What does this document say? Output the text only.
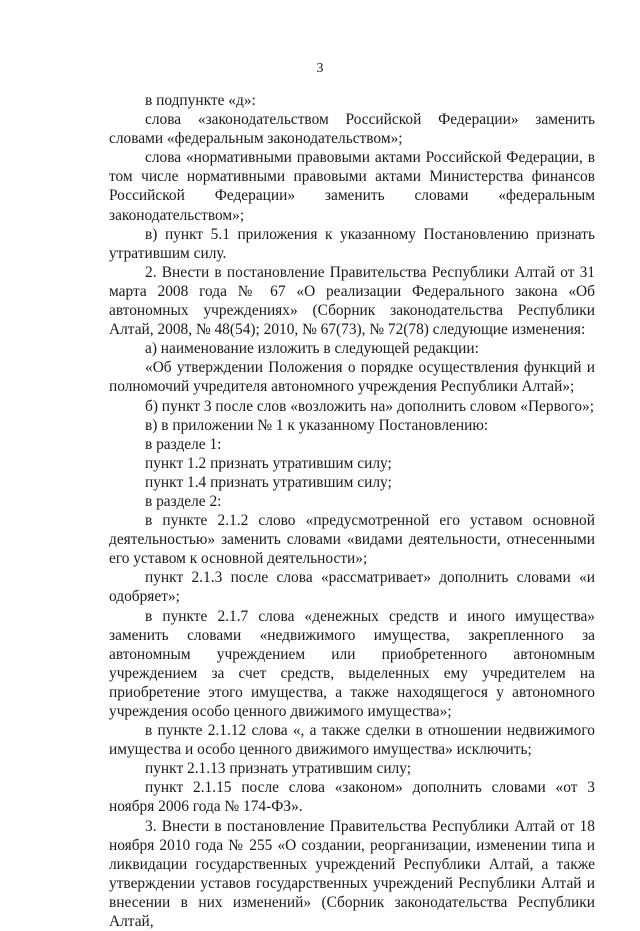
3

в подпункте «д»:

слова «законодательством Российской Федерации» заменить словами «федеральным законодательством»;

слова «нормативными правовыми актами Российской Федерации, в том числе нормативными правовыми актами Министерства финансов Российской Федерации» заменить словами «федеральным законодательством»;

в) пункт 5.1 приложения к указанному Постановлению признать утратившим силу.

2. Внести в постановление Правительства Республики Алтай от 31 марта 2008 года № 67 «О реализации Федерального закона «Об автономных учреждениях» (Сборник законодательства Республики Алтай, 2008, № 48(54); 2010, № 67(73), № 72(78) следующие изменения:

а) наименование изложить в следующей редакции:

«Об утверждении Положения о порядке осуществления функций и полномочий учредителя автономного учреждения Республики Алтай»;

б) пункт 3 после слов «возложить на» дополнить словом «Первого»;

в) в приложении № 1 к указанному Постановлению:

в разделе 1:

пункт 1.2 признать утратившим силу;

пункт 1.4 признать утратившим силу;

в разделе 2:

в пункте 2.1.2 слово «предусмотренной его уставом основной деятельностью» заменить словами «видами деятельности, отнесенными его уставом к основной деятельности»;

пункт 2.1.3 после слова «рассматривает» дополнить словами «и одобряет»;

в пункте 2.1.7 слова «денежных средств и иного имущества» заменить словами «недвижимого имущества, закрепленного за автономным учреждением или приобретенного автономным учреждением за счет средств, выделенных ему учредителем на приобретение этого имущества, а также находящегося у автономного учреждения особо ценного движимого имущества»;

в пункте 2.1.12 слова «, а также сделки в отношении недвижимого имущества и особо ценного движимого имущества» исключить;

пункт 2.1.13 признать утратившим силу;

пункт 2.1.15 после слова «законом» дополнить словами «от 3 ноября 2006 года № 174-ФЗ».

3. Внести в постановление Правительства Республики Алтай от 18 ноября 2010 года № 255 «О создании, реорганизации, изменении типа и ликвидации государственных учреждений Республики Алтай, а также утверждении уставов государственных учреждений Республики Алтай и внесении в них изменений» (Сборник законодательства Республики Алтай,
